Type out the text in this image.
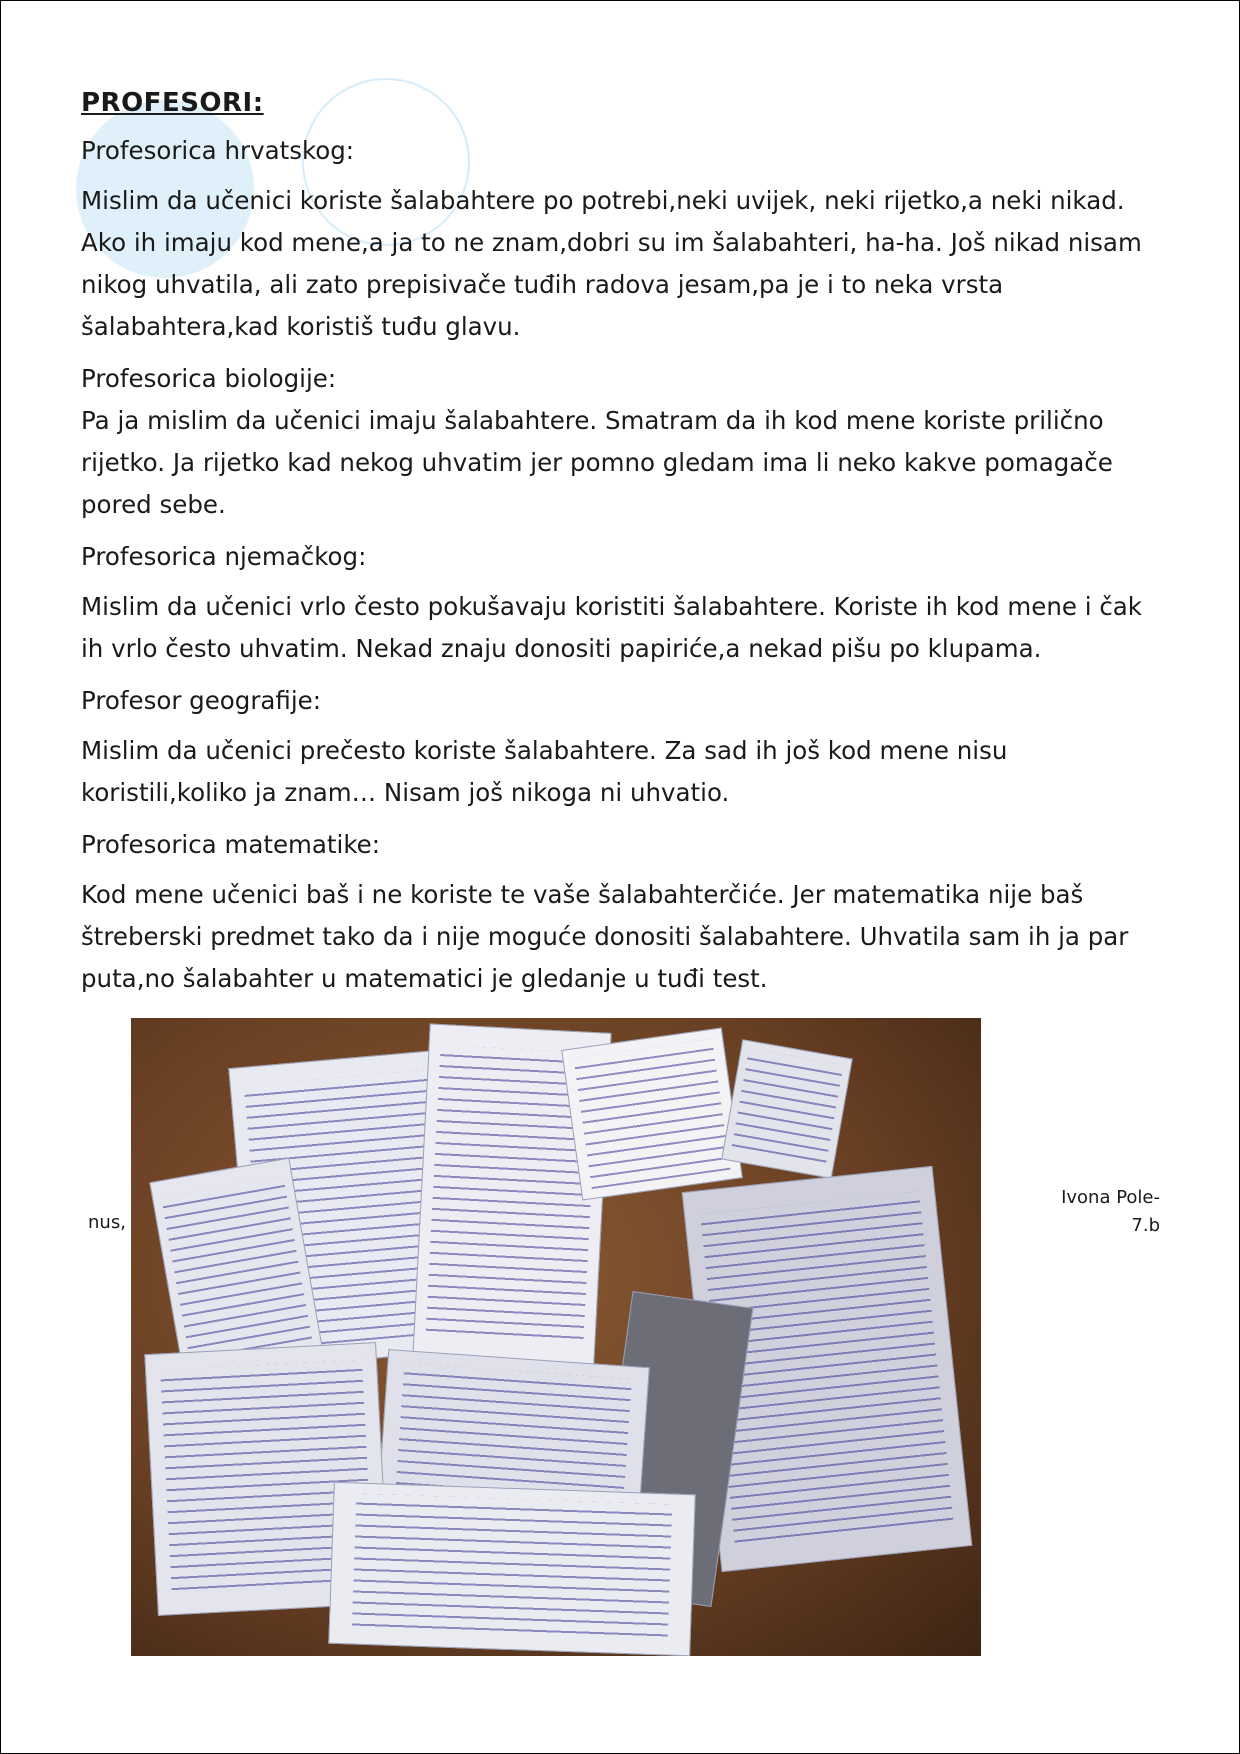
PROFESORI:
Profesorica hrvatskog:
Mislim da učenici koriste šalabahtere po potrebi,neki uvijek, neki rijetko,a neki nikad. Ako ih imaju kod mene,a ja to ne znam,dobri su im šalabahteri, ha-ha. Još nikad nisam nikog uhvatila, ali zato prepisivače tuđih radova jesam,pa je i to neka vrsta šalabahtera,kad koristiš tuđu glavu.
Profesorica biologije:
Pa ja mislim da učenici imaju šalabahtere. Smatram da ih kod mene koriste prilično rijetko. Ja rijetko kad nekog uhvatim jer pomno gledam ima li neko kakve pomagače pored sebe.
Profesorica njemačkog:
Mislim da učenici vrlo često pokušavaju koristiti šalabahtere. Koriste ih kod mene i čak ih vrlo često uhvatim. Nekad znaju donositi papiriće,a nekad pišu po klupama.
Profesor geografije:
Mislim da učenici prečesto koriste šalabahtere. Za sad ih još kod mene nisu koristili,koliko ja znam… Nisam još nikoga ni uhvatio.
Profesorica matematike:
Kod mene učenici baš i ne koriste te vaše šalabahterčiće. Jer matematika nije baš štreberski predmet tako da i nije moguće donositi šalabahtere. Uhvatila sam ih ja par puta,no šalabahter u matematici je gledanje u tuđi test.
nus,
Ivona Pole-
7.b
